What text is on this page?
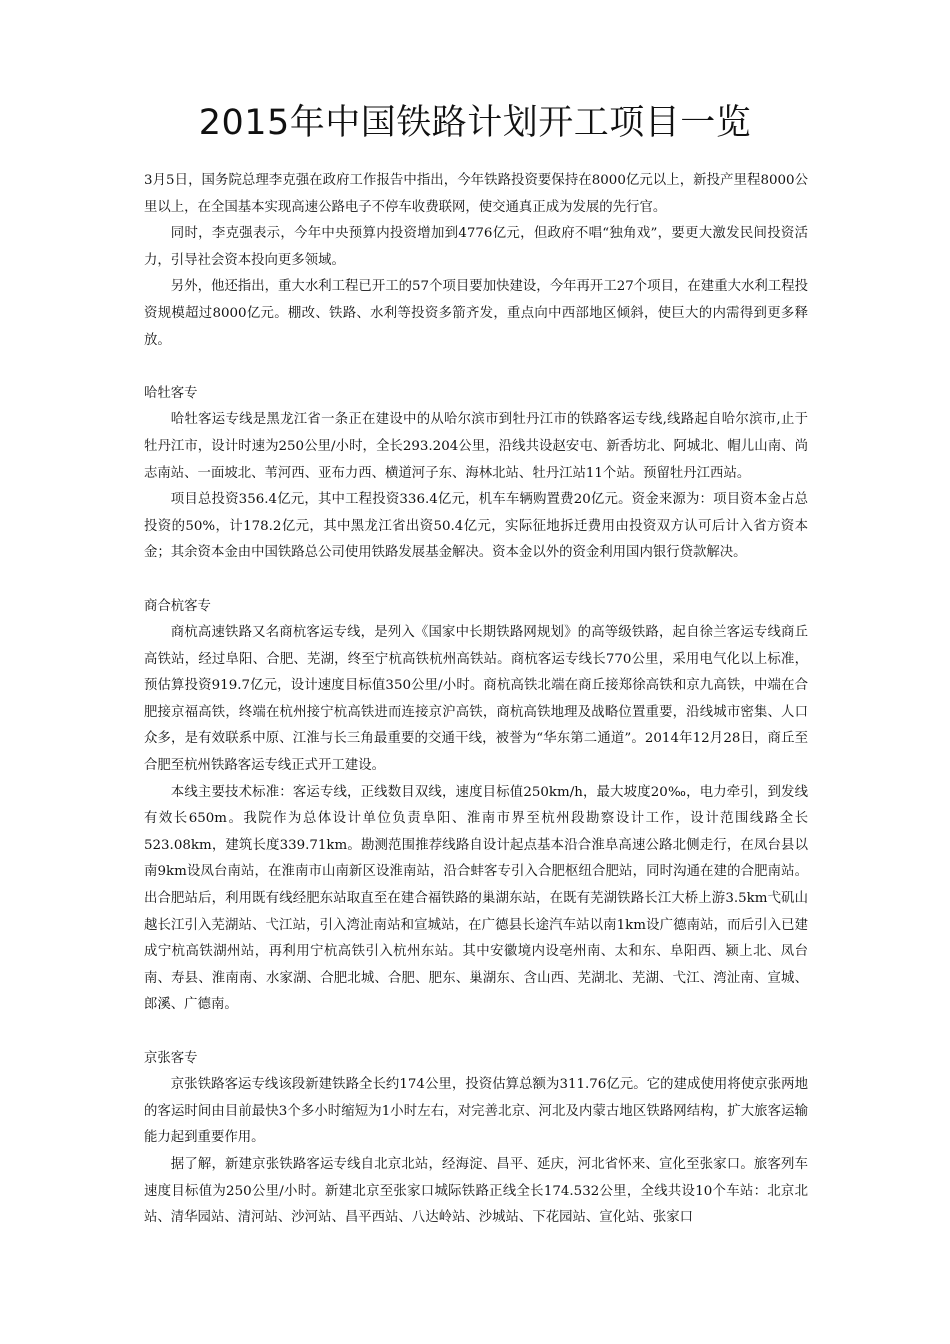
2015年中国铁路计划开工项目一览

3月5日，国务院总理李克强在政府工作报告中指出，今年铁路投资要保持在8000亿元以上，新投产里程8000公里以上，在全国基本实现高速公路电子不停车收费联网，使交通真正成为发展的先行官。

同时，李克强表示，今年中央预算内投资增加到4776亿元，但政府不唱“独角戏”，要更大激发民间投资活力，引导社会资本投向更多领域。

另外，他还指出，重大水利工程已开工的57个项目要加快建设，今年再开工27个项目，在建重大水利工程投资规模超过8000亿元。棚改、铁路、水利等投资多箭齐发，重点向中西部地区倾斜，使巨大的内需得到更多释放。

哈牡客专

哈牡客运专线是黑龙江省一条正在建设中的从哈尔滨市到牡丹江市的铁路客运专线,线路起自哈尔滨市,止于牡丹江市，设计时速为250公里/小时，全长293.204公里，沿线共设赵安屯、新香坊北、阿城北、帽儿山南、尚志南站、一面坡北、苇河西、亚布力西、横道河子东、海林北站、牡丹江站11个站。预留牡丹江西站。

项目总投资356.4亿元，其中工程投资336.4亿元，机车车辆购置费20亿元。资金来源为：项目资本金占总投资的50%，计178.2亿元，其中黑龙江省出资50.4亿元，实际征地拆迁费用由投资双方认可后计入省方资本金；其余资本金由中国铁路总公司使用铁路发展基金解决。资本金以外的资金利用国内银行贷款解决。

商合杭客专

商杭高速铁路又名商杭客运专线，是列入《国家中长期铁路网规划》的高等级铁路，起自徐兰客运专线商丘高铁站，经过阜阳、合肥、芜湖，终至宁杭高铁杭州高铁站。商杭客运专线长770公里，采用电气化以上标准，预估算投资919.7亿元，设计速度目标值350公里/小时。商杭高铁北端在商丘接郑徐高铁和京九高铁，中端在合肥接京福高铁，终端在杭州接宁杭高铁进而连接京沪高铁，商杭高铁地理及战略位置重要，沿线城市密集、人口众多，是有效联系中原、江淮与长三角最重要的交通干线，被誉为“华东第二通道”。2014年12月28日，商丘至合肥至杭州铁路客运专线正式开工建设。

本线主要技术标准：客运专线，正线数目双线，速度目标值250km/h，最大坡度20‰，电力牵引，到发线有效长650m。我院作为总体设计单位负责阜阳、淮南市界至杭州段勘察设计工作，设计范围线路全长523.08km，建筑长度339.71km。勘测范围推荐线路自设计起点基本沿合淮阜高速公路北侧走行，在凤台县以南9km设凤台南站，在淮南市山南新区设淮南站，沿合蚌客专引入合肥枢纽合肥站，同时沟通在建的合肥南站。出合肥站后，利用既有线经肥东站取直至在建合福铁路的巢湖东站，在既有芜湖铁路长江大桥上游3.5km弋矶山越长江引入芜湖站、弋江站，引入湾沚南站和宣城站，在广德县长途汽车站以南1km设广德南站，而后引入已建成宁杭高铁湖州站，再利用宁杭高铁引入杭州东站。其中安徽境内设亳州南、太和东、阜阳西、颍上北、凤台南、寿县、淮南南、水家湖、合肥北城、合肥、肥东、巢湖东、含山西、芜湖北、芜湖、弋江、湾沚南、宣城、郎溪、广德南。

京张客专

京张铁路客运专线该段新建铁路全长约174公里，投资估算总额为311.76亿元。它的建成使用将使京张两地的客运时间由目前最快3个多小时缩短为1小时左右，对完善北京、河北及内蒙古地区铁路网结构，扩大旅客运输能力起到重要作用。

据了解，新建京张铁路客运专线自北京北站，经海淀、昌平、延庆，河北省怀来、宣化至张家口。旅客列车速度目标值为250公里/小时。新建北京至张家口城际铁路正线全长174.532公里，全线共设10个车站：北京北站、清华园站、清河站、沙河站、昌平西站、八达岭站、沙城站、下花园站、宣化站、张家口
